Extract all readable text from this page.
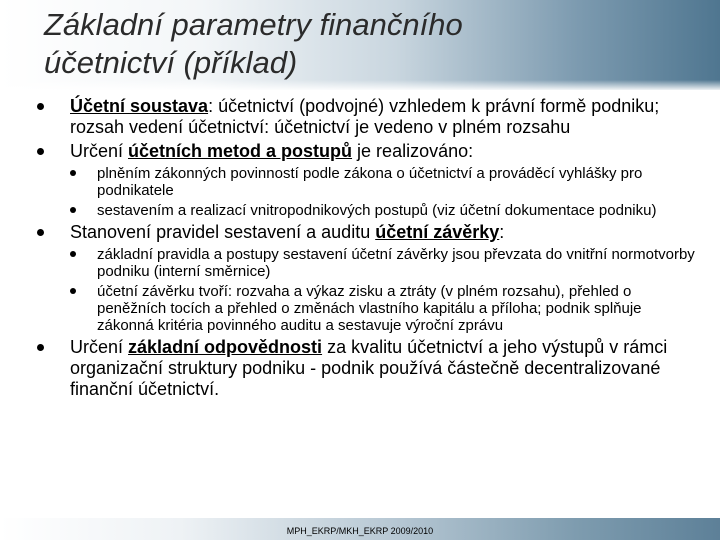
Základní parametry finančního
účetnictví (příklad)
Účetní soustava: účetnictví (podvojné) vzhledem k právní formě podniku; rozsah vedení účetnictví: účetnictví je vedeno v plném rozsahu
Určení účetních metod a postupů je realizováno:
plněním zákonných povinností podle zákona o účetnictví a prováděcí vyhlášky pro podnikatele
sestavením a realizací vnitropodnikových postupů (viz účetní dokumentace podniku)
Stanovení pravidel sestavení a auditu účetní závěrky:
základní pravidla a postupy sestavení účetní závěrky jsou převzata do vnitřní normotvorby podniku (interní směrnice)
účetní závěrku tvoří: rozvaha a výkaz zisku a ztráty (v plném rozsahu), přehled o peněžních tocích a přehled o změnách vlastního kapitálu a příloha; podnik splňuje zákonná kritéria povinného auditu a sestavuje výroční zprávu
Určení základní odpovědnosti za kvalitu účetnictví a jeho výstupů v rámci organizační struktury podniku - podnik používá částečně decentralizované finanční účetnictví.
MPH_EKRP/MKH_EKRP 2009/2010
